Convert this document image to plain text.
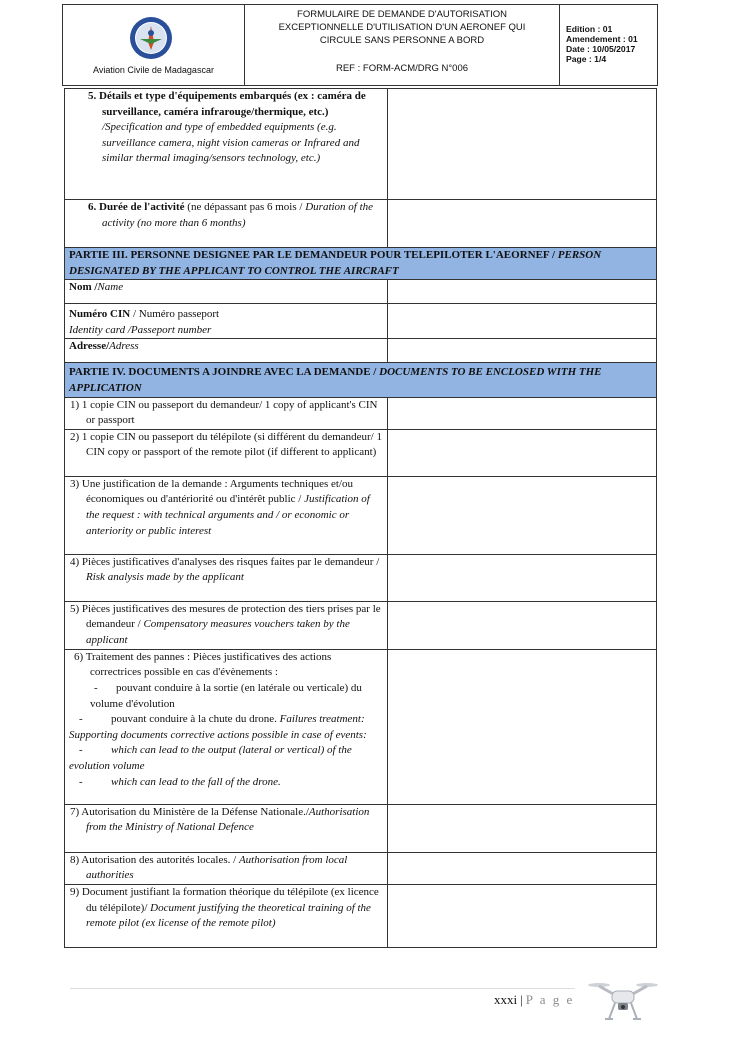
Aviation Civile de Madagascar
FORMULAIRE DE DEMANDE D'AUTORISATION
EXCEPTIONNELLE D'UTILISATION D'UN AERONEF QUI
CIRCULE SANS PERSONNE A BORD
REF : FORM-ACM/DRG N°006
Edition : 01
Amendement : 01
Date : 10/05/2017
Page : 1/4
5. Détails et type d'équipements embarqués (ex : caméra de surveillance, caméra infrarouge/thermique, etc.) /Specification and type of embedded equipments (e.g. surveillance camera, night vision cameras or Infrared and similar thermal imaging/sensors technology, etc.)	
6. Durée de l'activité (ne dépassant pas 6 mois / Duration of the activity (no more than 6 months)	
PARTIE III. PERSONNE DESIGNEE PAR LE DEMANDEUR POUR TELEPILOTER L'AEORNEF / PERSON DESIGNATED BY THE APPLICANT TO CONTROL THE AIRCRAFT	
Nom /Name	
Numéro CIN / Numéro passeport
Identity card /Passeport number	
Adresse/Adress	
PARTIE IV. DOCUMENTS A JOINDRE AVEC LA DEMANDE / DOCUMENTS TO BE ENCLOSED WITH THE APPLICATION	
1) 1 copie CIN ou passeport du demandeur/ 1 copy of applicant's CIN or passport	
2) 1 copie CIN ou passeport du télépilote (si différent du demandeur/ 1 CIN copy or passport of the remote pilot (if different to applicant)	
3) Une justification de la demande : Arguments techniques et/ou économiques ou d'antériorité ou d'intérêt public / Justification of the request : with technical arguments and / or economic or anteriority or public interest	
4) Pièces justificatives d'analyses des risques faites par le demandeur / Risk analysis made by the applicant	
5) Pièces justificatives des mesures de protection des tiers prises par le demandeur / Compensatory measures vouchers taken by the applicant	

6) Traitement des pannes : Pièces justificatives des actions correctrices possible en cas d'évènements :
- pouvant conduire à la sortie (en latérale ou verticale) du volume d'évolution
- pouvant conduire à la chute du drone. Failures treatment: Supporting documents corrective actions possible in case of events:
- which can lead to the output (lateral or vertical) of the evolution volume
- which can lead to the fall of the drone.	

7) Autorisation du Ministère de la Défense Nationale./Authorisation from the Ministry of National Defence	
8) Autorisation des autorités locales. / Authorisation from local authorities	
9) Document justifiant la formation théorique du télépilote (ex licence du télépilote)/ Document justifying the theoretical training of the remote pilot (ex license of the remote pilot)	
xxxi | P a g e
